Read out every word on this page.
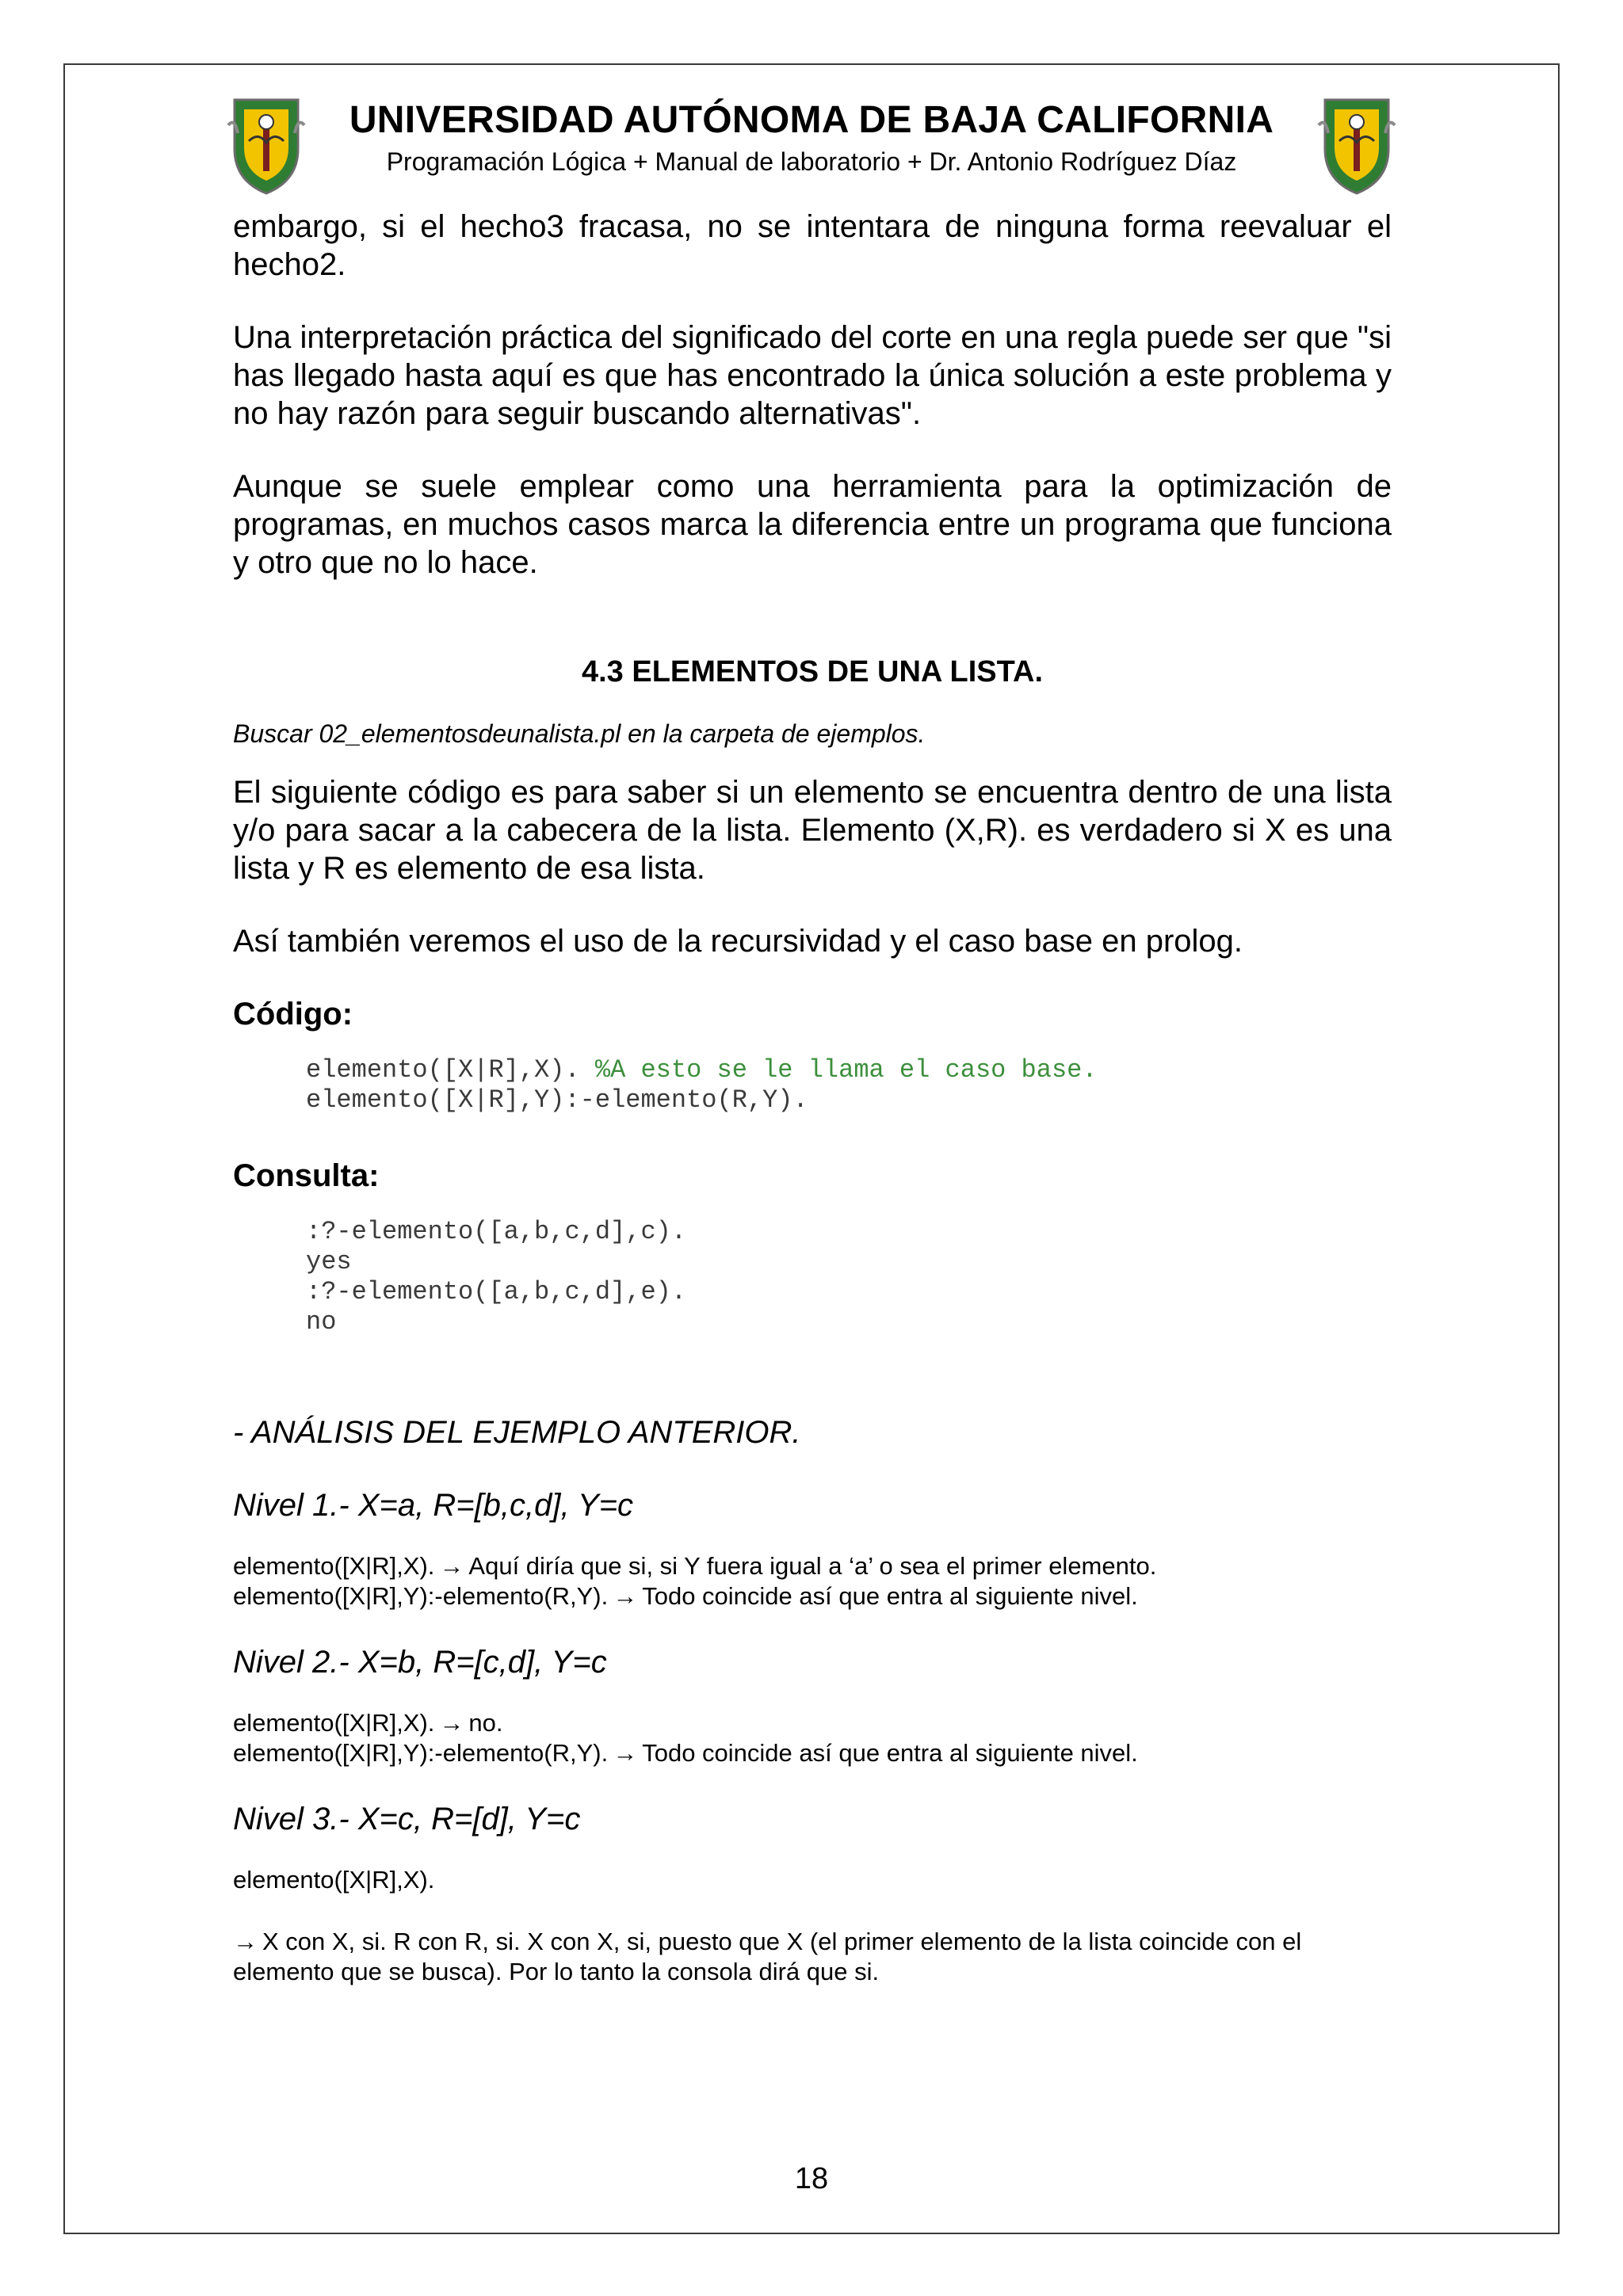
UNIVERSIDAD AUTÓNOMA DE BAJA CALIFORNIA
Programación Lógica + Manual de laboratorio + Dr. Antonio Rodríguez Díaz

embargo, si el hecho3 fracasa, no se intentara de ninguna forma reevaluar el hecho2.

Una interpretación práctica del significado del corte en una regla puede ser que "si has llegado hasta aquí es que has encontrado la única solución a este problema y no hay razón para seguir buscando alternativas".

Aunque se suele emplear como una herramienta para la optimización de programas, en muchos casos marca la diferencia entre un programa que funciona y otro que no lo hace.

4.3 ELEMENTOS DE UNA LISTA.
Buscar 02_elementosdeunalista.pl en la carpeta de ejemplos.

El siguiente código es para saber si un elemento se encuentra dentro de una lista y/o para sacar a la cabecera de la lista. Elemento (X,R). es verdadero si X es una lista y R es elemento de esa lista.

Así también veremos el uso de la recursividad y el caso base en prolog.

Código:
elemento([X|R],X). %A esto se le llama el caso base.
elemento([X|R],Y):-elemento(R,Y).
Consulta:
:?-elemento([a,b,c,d],c).
yes
:?-elemento([a,b,c,d],e).
no
- ANÁLISIS DEL EJEMPLO ANTERIOR.
Nivel 1.- X=a, R=[b,c,d], Y=c

elemento([X|R],X). → Aquí diría que si, si Y fuera igual a ‘a’ o sea el primer elemento.

elemento([X|R],Y):-elemento(R,Y). → Todo coincide así que entra al siguiente nivel.

Nivel 2.- X=b, R=[c,d], Y=c

elemento([X|R],X). → no.

elemento([X|R],Y):-elemento(R,Y). → Todo coincide así que entra al siguiente nivel.

Nivel 3.- X=c, R=[d], Y=c

elemento([X|R],X).

→ X con X, si. R con R, si. X con X, si, puesto que X (el primer elemento de la lista coincide con el elemento que se busca). Por lo tanto la consola dirá que si.

18
